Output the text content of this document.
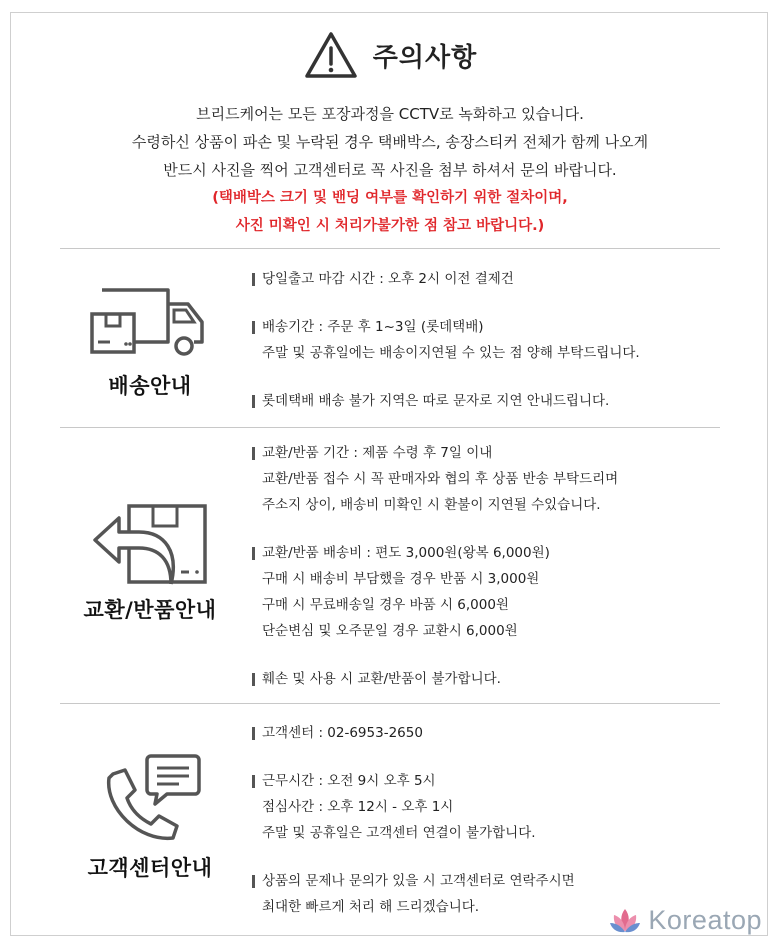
주의사항
브리드케어는 모든 포장과정을 CCTV로 녹화하고 있습니다.
수령하신 상품이 파손 및 누락된 경우 택배박스, 송장스티커 전체가 함께 나오게
반드시 사진을 찍어 고객센터로 꼭 사진을 첨부 하셔서 문의 바랍니다.
(택배박스 크기 및 밴딩 여부를 확인하기 위한 절차이며,
사진 미확인 시 처리가불가한 점 참고 바랍니다.)
배송안내
당일출고 마감 시간 : 오후 2시 이전 결제건
배송기간 : 주문 후 1~3일 (롯데택배)
주말 및 공휴일에는 배송이지연될 수 있는 점 양해 부탁드립니다.
롯데택배 배송 불가 지역은 따로 문자로 지연 안내드립니다.
교환/반품안내
교환/반품 기간 : 제품 수령 후 7일 이내
교환/반품 접수 시 꼭 판매자와 협의 후 상품 반송 부탁드리며
주소지 상이, 배송비 미확인 시 환불이 지연될 수있습니다.
교환/반품 배송비 : 편도 3,000원(왕복 6,000원)
구매 시 배송비 부담했을 경우 반품 시 3,000원
구매 시 무료배송일 경우 바품 시 6,000원
단순변심 및 오주문일 경우 교환시 6,000원
훼손 및 사용 시 교환/반품이 불가합니다.
고객센터안내
고객센터 : 02-6953-2650
근무시간 : 오전 9시 오후 5시
점심사간 : 오후 12시 - 오후 1시
주말 및 공휴일은 고객센터 연결이 불가합니다.
상품의 문제나 문의가 있을 시 고객센터로 연락주시면
최대한 빠르게 처리 해 드리겠습니다.	Koreatop
